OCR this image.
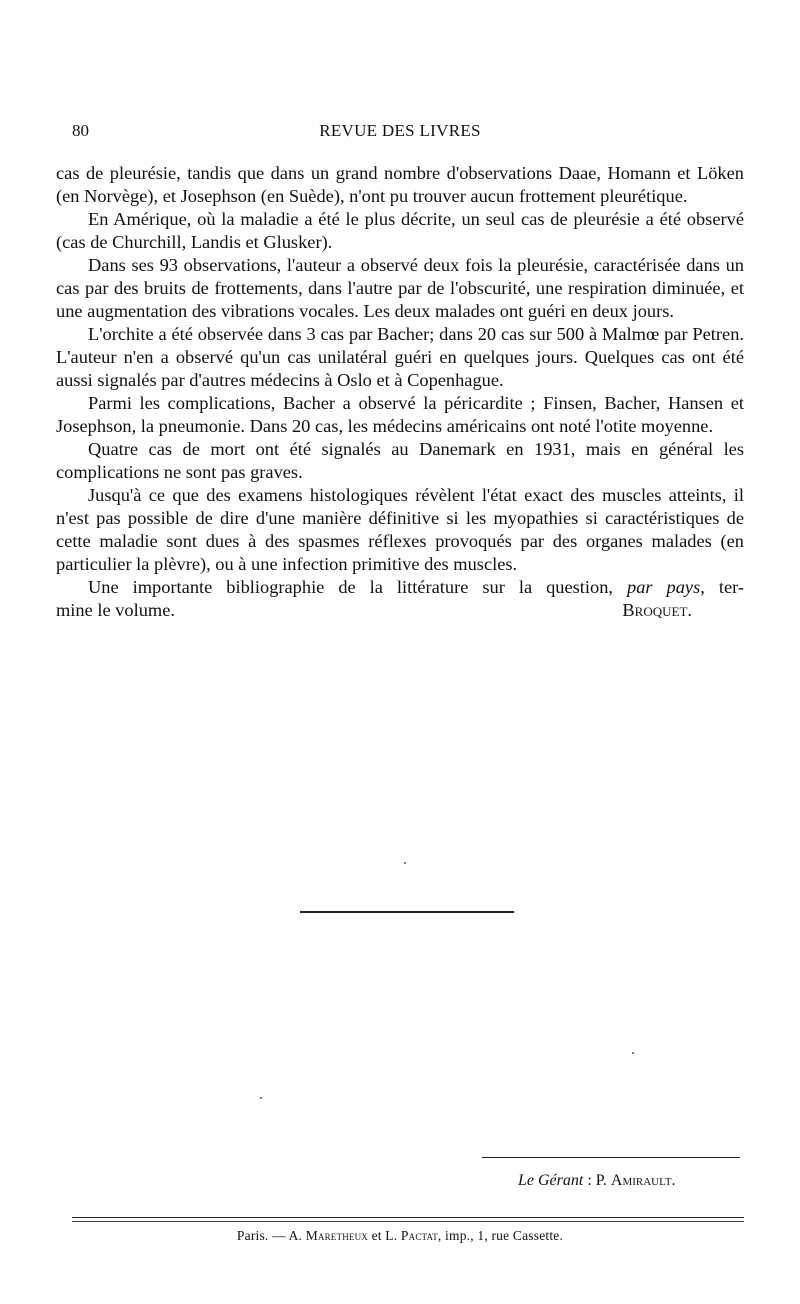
80	REVUE DES LIVRES

cas de pleurésie, tandis que dans un grand nombre d'observations Daae, Homann et Löken (en Norvège), et Josephson (en Suède), n'ont pu trouver aucun frottement pleurétique.

En Amérique, où la maladie a été le plus décrite, un seul cas de pleurésie a été observé (cas de Churchill, Landis et Glusker).

Dans ses 93 observations, l'auteur a observé deux fois la pleurésie, caractérisée dans un cas par des bruits de frottements, dans l'autre par de l'obscurité, une respiration diminuée, et une augmentation des vibrations vocales. Les deux malades ont guéri en deux jours.

L'orchite a été observée dans 3 cas par Bacher; dans 20 cas sur 500 à Malmœ par Petren. L'auteur n'en a observé qu'un cas unilatéral guéri en quelques jours. Quelques cas ont été aussi signalés par d'autres médecins à Oslo et à Copenhague.

Parmi les complications, Bacher a observé la péricardite ; Finsen, Bacher, Hansen et Josephson, la pneumonie. Dans 20 cas, les médecins américains ont noté l'otite moyenne.

Quatre cas de mort ont été signalés au Danemark en 1931, mais en général les complications ne sont pas graves.

Jusqu'à ce que des examens histologiques révèlent l'état exact des muscles atteints, il n'est pas possible de dire d'une manière définitive si les myopathies si caractéristiques de cette maladie sont dues à des spasmes réflexes provoqués par des organes malades (en particulier la plèvre), ou à une infection primitive des muscles.

Une importante bibliographie de la littérature sur la question, par pays, ter-

mine le volume.	Broquet.

Le Gérant : P. Amirault.
Paris. — A. Maretheux et L. Pactat, imp., 1, rue Cassette.
